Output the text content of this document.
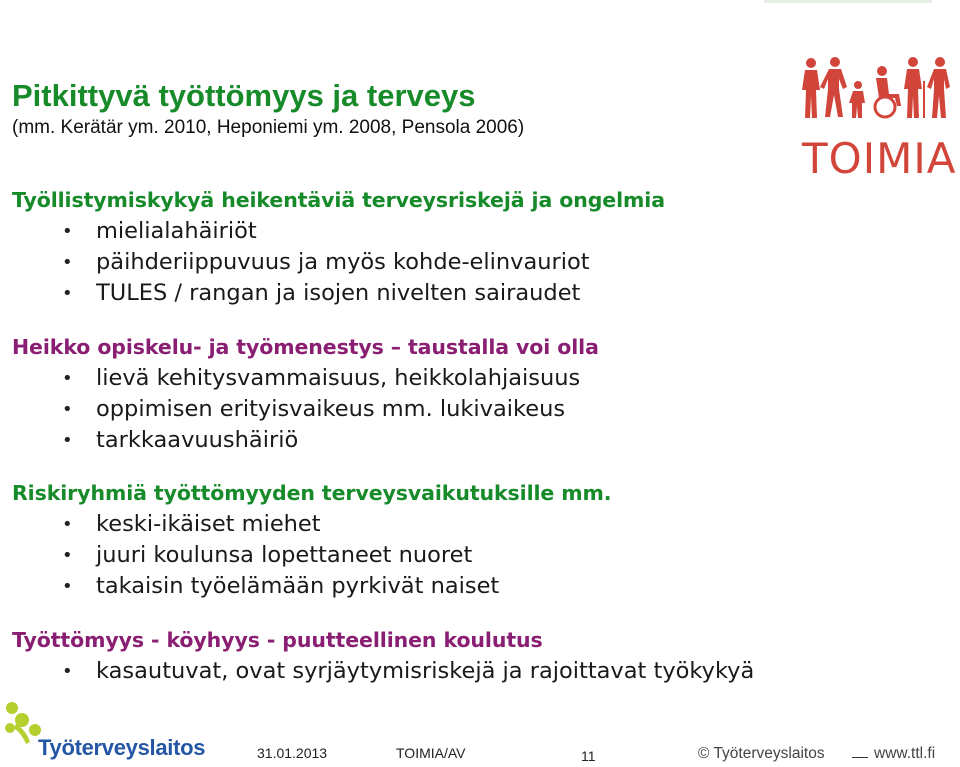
Pitkittyvä työttömyys ja terveys
(mm. Kerätär ym. 2010, Heponiemi ym. 2008, Pensola 2006)
Työllistymiskykyä heikentäviä terveysriskejä ja ongelmia
• mielialahäiriöt
• päihderiippuvuus ja myös kohde-elinvauriot
• TULES / rangan ja isojen nivelten sairaudet
Heikko opiskelu- ja työmenestys – taustalla voi olla
• lievä kehitysvammaisuus, heikkolahjaisuus
• oppimisen erityisvaikeus mm. lukivaikeus
• tarkkaavuushäiriö
Riskiryhmiä työttömyyden terveysvaikutuksille mm.
• keski-ikäiset miehet
• juuri koulunsa lopettaneet nuoret
• takaisin työelämään pyrkivät naiset
Työttömyys - köyhyys - puutteellinen koulutus
• kasautuvat, ovat syrjäytymisriskejä ja rajoittavat työkykyä
TOIMIA
Työterveyslaitos	31.01.2013	TOIMIA/AV	11	© Työterveyslaitos	www.ttl.fi
